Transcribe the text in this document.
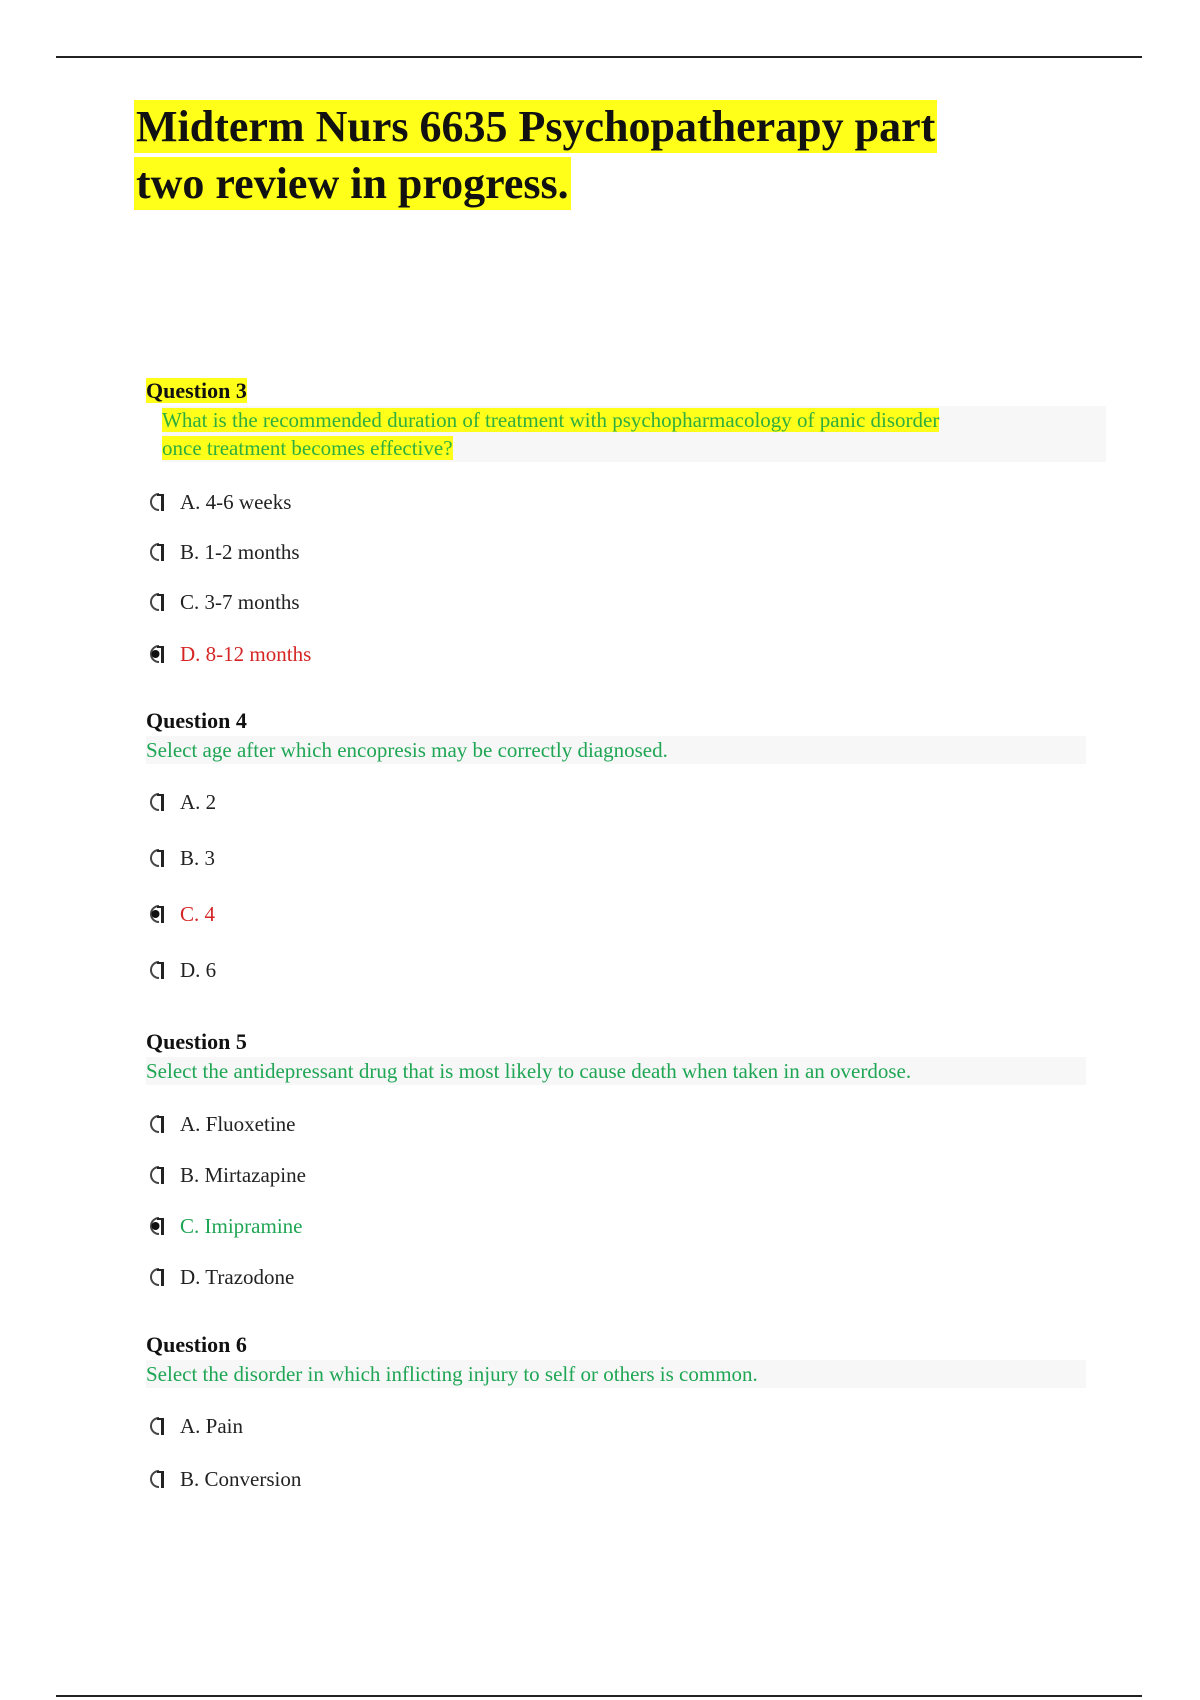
Midterm Nurs 6635 Psychopatherapy part
two review in progress.

Question 3

What is the recommended duration of treatment with psychopharmacology of panic disorder
once treatment becomes effective?
A. 4-6 weeks
B. 1-2 months
C. 3-7 months
D. 8-12 months

Question 4

Select age after which encopresis may be correctly diagnosed.
A. 2
B. 3
C. 4
D. 6

Question 5

Select the antidepressant drug that is most likely to cause death when taken in an overdose.
A. Fluoxetine
B. Mirtazapine
C. Imipramine
D. Trazodone

Question 6

Select the disorder in which inflicting injury to self or others is common.
A. Pain
B. Conversion
